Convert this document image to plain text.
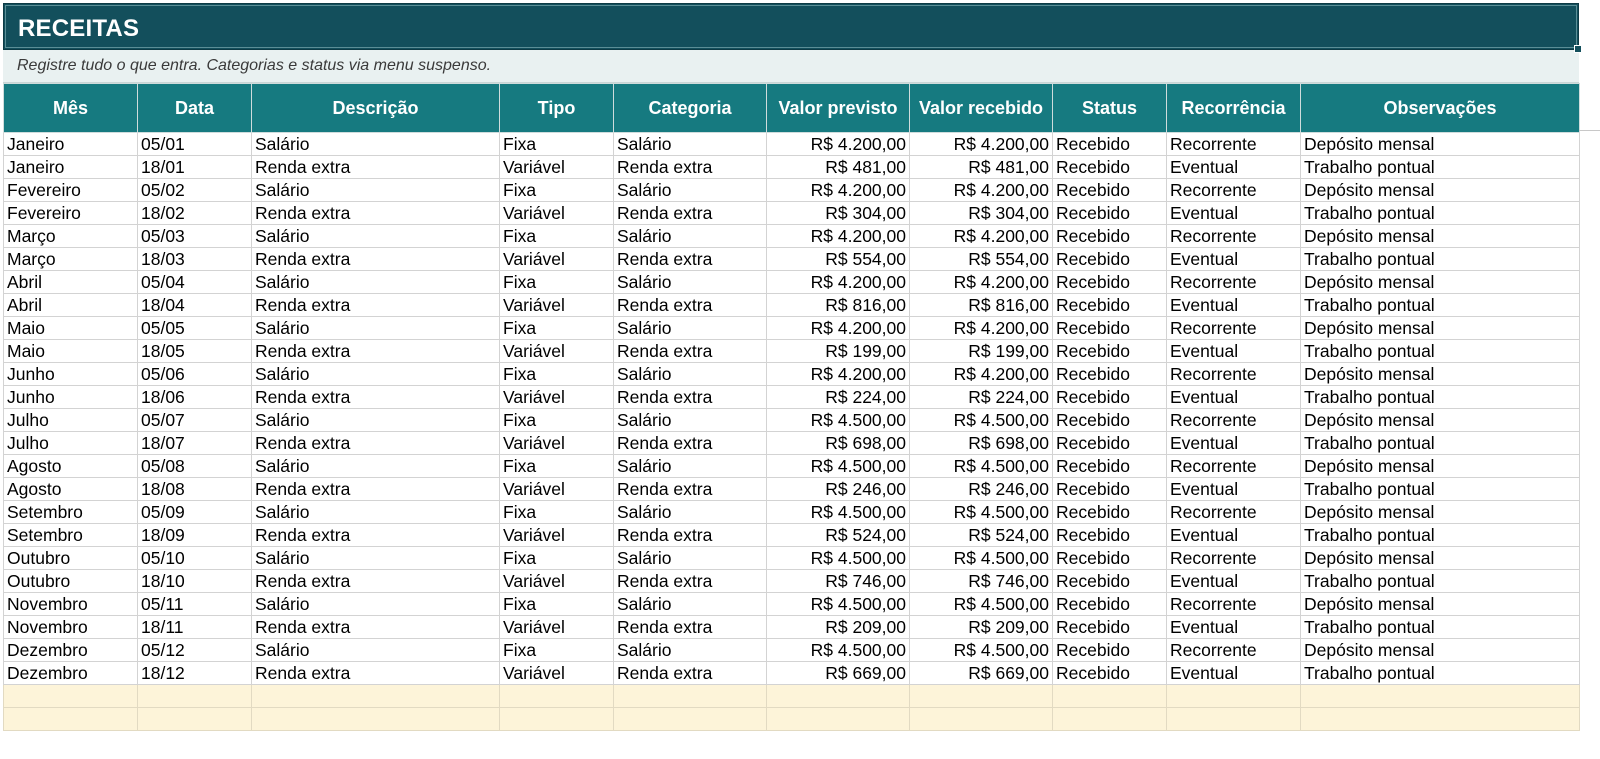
RECEITAS
Registre tudo o que entra. Categorias e status via menu suspenso.
Mês	Data	Descrição	Tipo	Categoria	Valor previsto	Valor recebido	Status	Recorrência	Observações
Janeiro	05/01	Salário	Fixa	Salário	R$ 4.200,00	R$ 4.200,00	Recebido	Recorrente	Depósito mensal
Janeiro	18/01	Renda extra	Variável	Renda extra	R$ 481,00	R$ 481,00	Recebido	Eventual	Trabalho pontual
Fevereiro	05/02	Salário	Fixa	Salário	R$ 4.200,00	R$ 4.200,00	Recebido	Recorrente	Depósito mensal
Fevereiro	18/02	Renda extra	Variável	Renda extra	R$ 304,00	R$ 304,00	Recebido	Eventual	Trabalho pontual
Março	05/03	Salário	Fixa	Salário	R$ 4.200,00	R$ 4.200,00	Recebido	Recorrente	Depósito mensal
Março	18/03	Renda extra	Variável	Renda extra	R$ 554,00	R$ 554,00	Recebido	Eventual	Trabalho pontual
Abril	05/04	Salário	Fixa	Salário	R$ 4.200,00	R$ 4.200,00	Recebido	Recorrente	Depósito mensal
Abril	18/04	Renda extra	Variável	Renda extra	R$ 816,00	R$ 816,00	Recebido	Eventual	Trabalho pontual
Maio	05/05	Salário	Fixa	Salário	R$ 4.200,00	R$ 4.200,00	Recebido	Recorrente	Depósito mensal
Maio	18/05	Renda extra	Variável	Renda extra	R$ 199,00	R$ 199,00	Recebido	Eventual	Trabalho pontual
Junho	05/06	Salário	Fixa	Salário	R$ 4.200,00	R$ 4.200,00	Recebido	Recorrente	Depósito mensal
Junho	18/06	Renda extra	Variável	Renda extra	R$ 224,00	R$ 224,00	Recebido	Eventual	Trabalho pontual
Julho	05/07	Salário	Fixa	Salário	R$ 4.500,00	R$ 4.500,00	Recebido	Recorrente	Depósito mensal
Julho	18/07	Renda extra	Variável	Renda extra	R$ 698,00	R$ 698,00	Recebido	Eventual	Trabalho pontual
Agosto	05/08	Salário	Fixa	Salário	R$ 4.500,00	R$ 4.500,00	Recebido	Recorrente	Depósito mensal
Agosto	18/08	Renda extra	Variável	Renda extra	R$ 246,00	R$ 246,00	Recebido	Eventual	Trabalho pontual
Setembro	05/09	Salário	Fixa	Salário	R$ 4.500,00	R$ 4.500,00	Recebido	Recorrente	Depósito mensal
Setembro	18/09	Renda extra	Variável	Renda extra	R$ 524,00	R$ 524,00	Recebido	Eventual	Trabalho pontual
Outubro	05/10	Salário	Fixa	Salário	R$ 4.500,00	R$ 4.500,00	Recebido	Recorrente	Depósito mensal
Outubro	18/10	Renda extra	Variável	Renda extra	R$ 746,00	R$ 746,00	Recebido	Eventual	Trabalho pontual
Novembro	05/11	Salário	Fixa	Salário	R$ 4.500,00	R$ 4.500,00	Recebido	Recorrente	Depósito mensal
Novembro	18/11	Renda extra	Variável	Renda extra	R$ 209,00	R$ 209,00	Recebido	Eventual	Trabalho pontual
Dezembro	05/12	Salário	Fixa	Salário	R$ 4.500,00	R$ 4.500,00	Recebido	Recorrente	Depósito mensal
Dezembro	18/12	Renda extra	Variável	Renda extra	R$ 669,00	R$ 669,00	Recebido	Eventual	Trabalho pontual
